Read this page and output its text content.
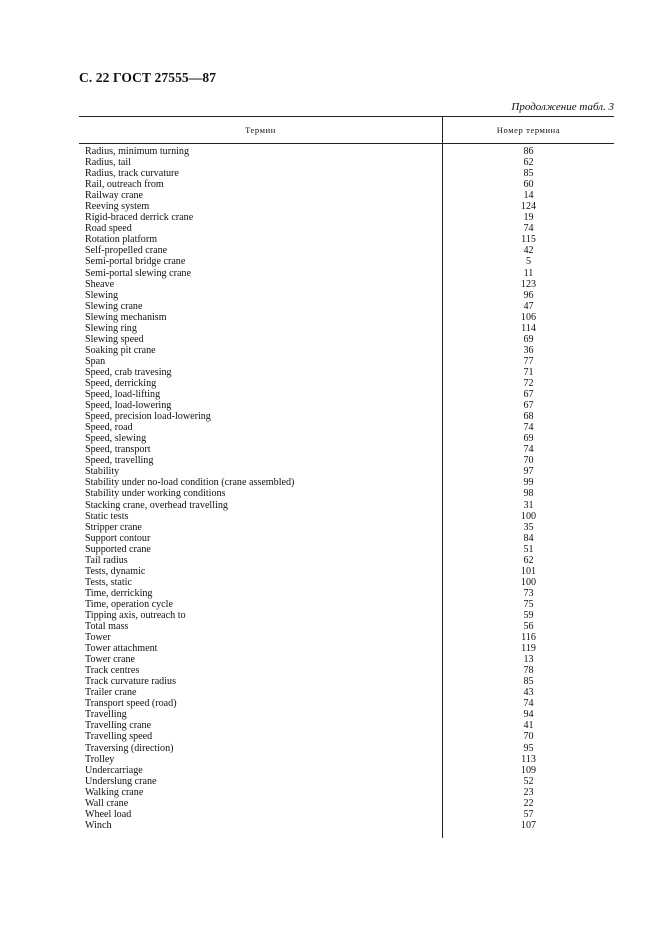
С. 22 ГОСТ 27555—87
Продолжение табл. 3
Термин	Номер термина
Radius, minimum turning	86
Radius, tail	62
Radius, track curvature	85
Rail, outreach from	60
Railway crane	14
Reeving system	124
Rigid-braced derrick crane	19
Road speed	74
Rotation platform	115
Self-propelled crane	42
Semi-portal bridge crane	5
Semi-portal slewing crane	11
Sheave	123
Slewing	96
Slewing crane	47
Slewing mechanism	106
Slewing ring	114
Slewing speed	69
Soaking pit crane	36
Span	77
Speed, crab travesing	71
Speed, derricking	72
Speed, load-lifting	67
Speed, load-lowering	67
Speed, precision load-lowering	68
Speed, road	74
Speed, slewing	69
Speed, transport	74
Speed, travelling	70
Stability	97
Stability under no-load condition (crane assembled)	99
Stability under working conditions	98
Stacking crane, overhead travelling	31
Static tests	100
Stripper crane	35
Support contour	84
Supported crane	51
Tail radius	62
Tests, dynamic	101
Tests, static	100
Time, derricking	73
Time, operation cycle	75
Tipping axis, outreach to	59
Total mass	56
Tower	116
Tower attachment	119
Tower crane	13
Track centres	78
Track curvature radius	85
Trailer crane	43
Transport speed (road)	74
Travelling	94
Travelling crane	41
Travelling speed	70
Traversing (direction)	95
Trolley	113
Undercarriage	109
Underslung crane	52
Walking crane	23
Wall crane	22
Wheel load	57
Winch	107
